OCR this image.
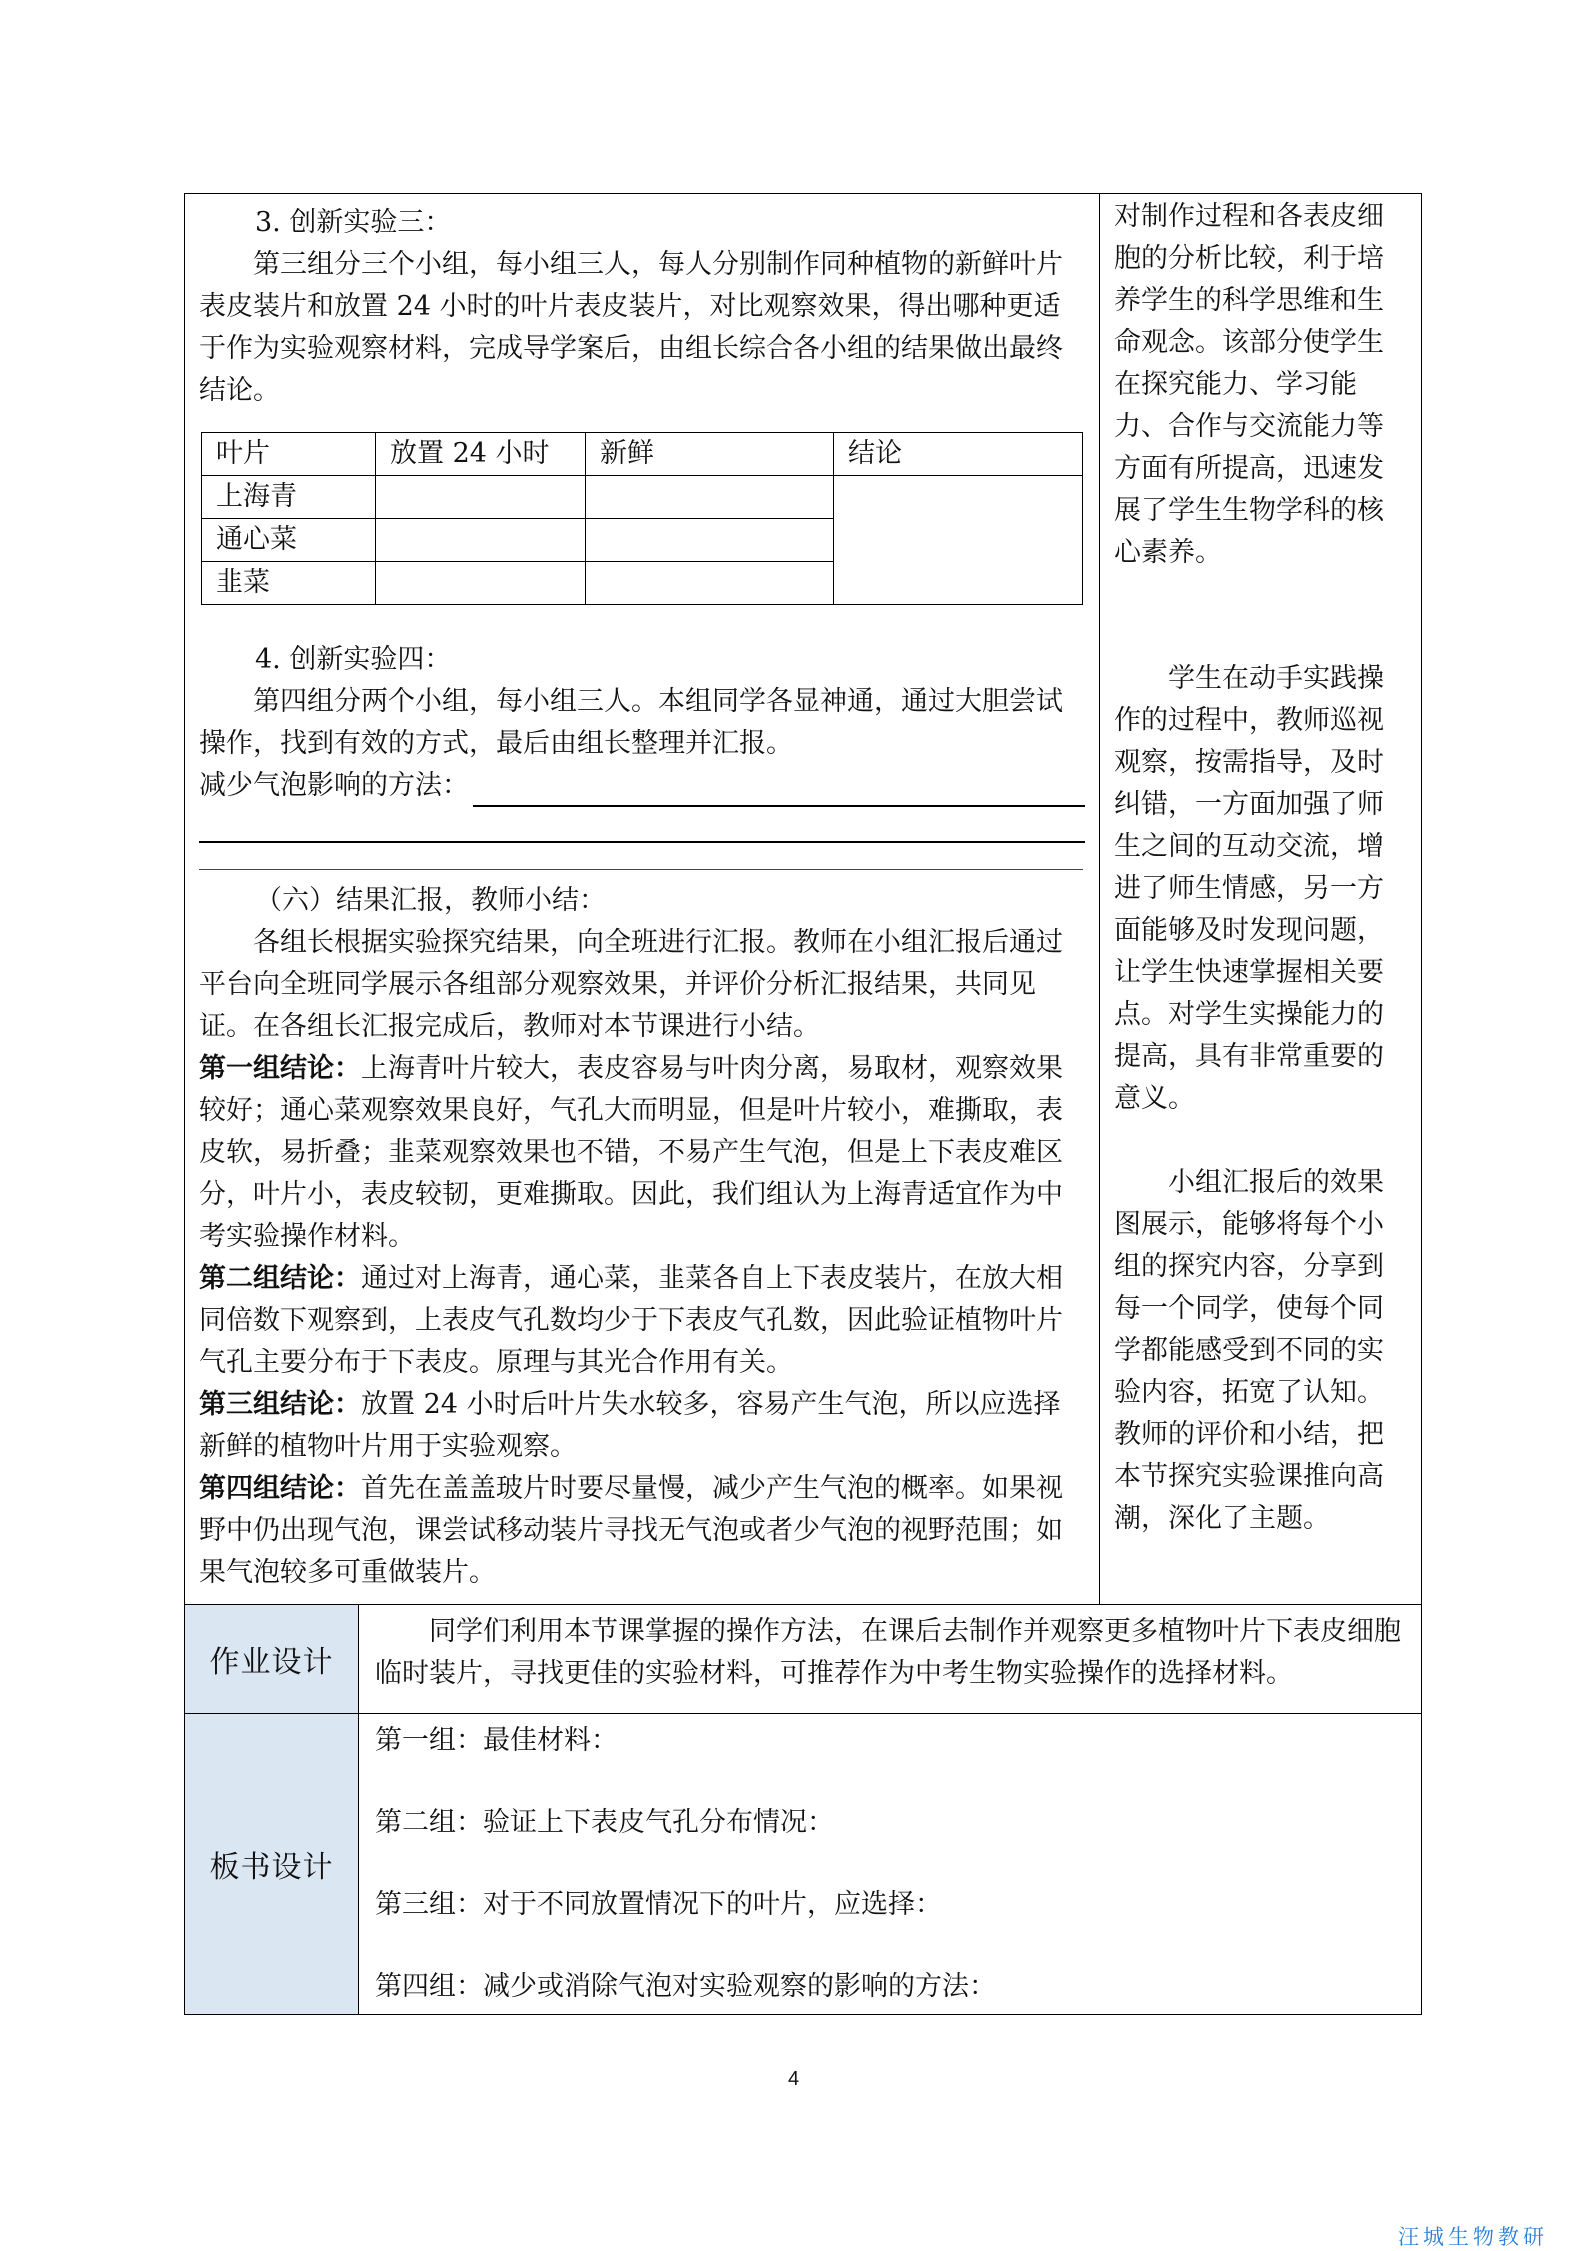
3. 创新实验三：

第三组分三个小组，每小组三人，每人分别制作同种植物的新鲜叶片表皮装片和放置 24 小时的叶片表皮装片，对比观察效果，得出哪种更适于作为实验观察材料，完成导学案后，由组长综合各小组的结果做出最终结论。

叶片	放置 24 小时	新鲜	结论
上海青			
通心菜		
韭菜		

4. 创新实验四：

第四组分两个小组，每小组三人。本组同学各显神通，通过大胆尝试操作，找到有效的方式，最后由组长整理并汇报。

减少气泡影响的方法：

（六）结果汇报，教师小结：

各组长根据实验探究结果，向全班进行汇报。教师在小组汇报后通过平台向全班同学展示各组部分观察效果，并评价分析汇报结果，共同见证。在各组长汇报完成后，教师对本节课进行小结。

第一组结论：上海青叶片较大，表皮容易与叶肉分离，易取材，观察效果较好；通心菜观察效果良好，气孔大而明显，但是叶片较小，难撕取，表皮软，易折叠；韭菜观察效果也不错，不易产生气泡，但是上下表皮难区分，叶片小，表皮较韧，更难撕取。因此，我们组认为上海青适宜作为中考实验操作材料。

第二组结论：通过对上海青，通心菜，韭菜各自上下表皮装片，在放大相同倍数下观察到，上表皮气孔数均少于下表皮气孔数，因此验证植物叶片气孔主要分布于下表皮。原理与其光合作用有关。

第三组结论：放置 24 小时后叶片失水较多，容易产生气泡，所以应选择新鲜的植物叶片用于实验观察。

第四组结论：首先在盖盖玻片时要尽量慢，减少产生气泡的概率。如果视野中仍出现气泡，课尝试移动装片寻找无气泡或者少气泡的视野范围；如果气泡较多可重做装片。

对制作过程和各表皮细胞的分析比较，利于培养学生的科学思维和生命观念。该部分使学生在探究能力、学习能力、合作与交流能力等方面有所提高，迅速发展了学生生物学科的核心素养。

学生在动手实践操作的过程中，教师巡视观察，按需指导，及时纠错，一方面加强了师生之间的互动交流，增进了师生情感，另一方面能够及时发现问题，让学生快速掌握相关要点。对学生实操能力的提高，具有非常重要的意义。

小组汇报后的效果图展示，能够将每个小组的探究内容，分享到每一个同学，使每个同学都能感受到不同的实验内容，拓宽了认知。教师的评价和小结，把本节探究实验课推向高潮，深化了主题。

作业设计	

同学们利用本节课掌握的操作方法，在课后去制作并观察更多植物叶片下表皮细胞临时装片，寻找更佳的实验材料，可推荐作为中考生物实验操作的选择材料。

板书设计	
第一组：最佳材料：
第二组：验证上下表皮气孔分布情况：
第三组：对于不同放置情况下的叶片，应选择：
第四组：减少或消除气泡对实验观察的影响的方法：
4
汪城生物教研
